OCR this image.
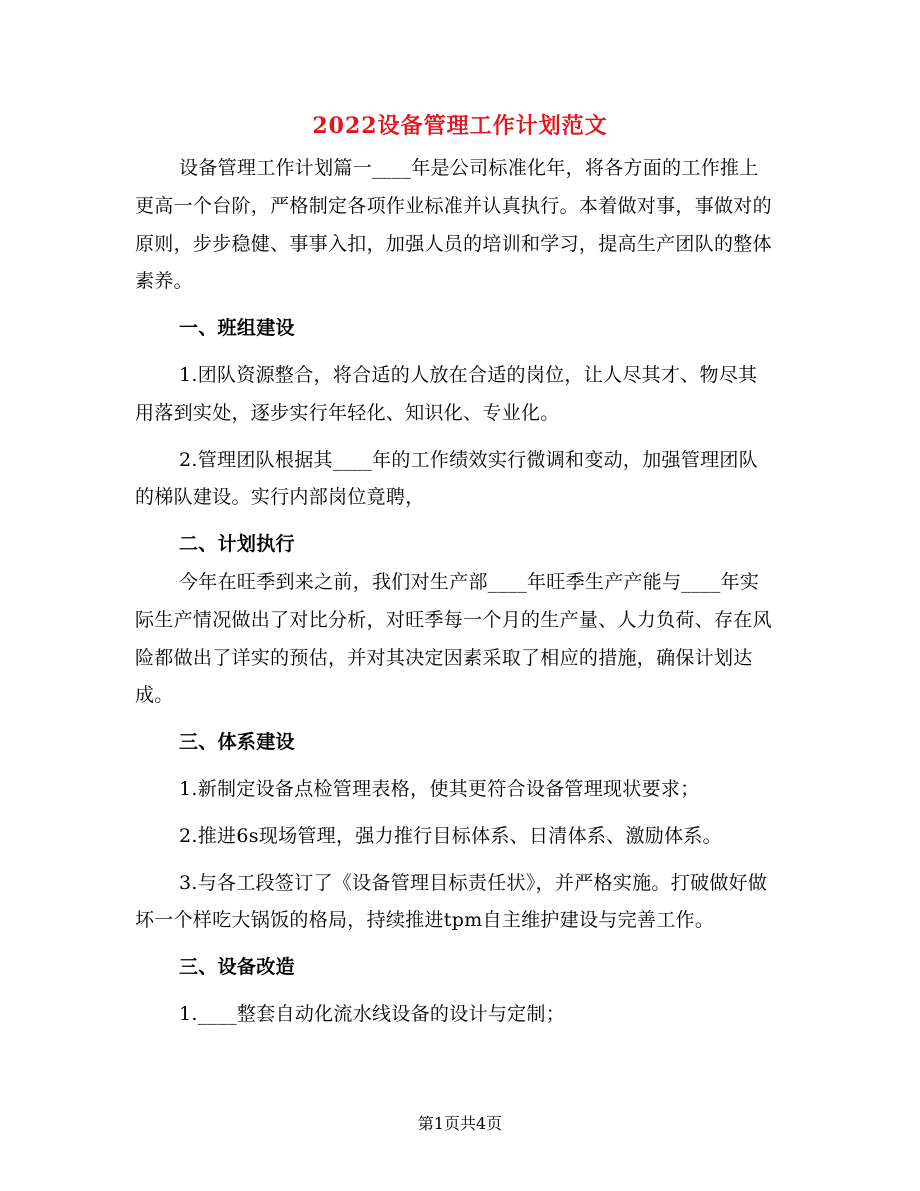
2022设备管理工作计划范文

设备管理工作计划篇一____年是公司标准化年，将各方面的工作推上更高一个台阶，严格制定各项作业标准并认真执行。本着做对事，事做对的原则，步步稳健、事事入扣，加强人员的培训和学习，提高生产团队的整体素养。

一、班组建设

1.团队资源整合，将合适的人放在合适的岗位，让人尽其才、物尽其用落到实处，逐步实行年轻化、知识化、专业化。

2.管理团队根据其____年的工作绩效实行微调和变动，加强管理团队的梯队建设。实行内部岗位竟聘，

二、计划执行

今年在旺季到来之前，我们对生产部____年旺季生产产能与____年实际生产情况做出了对比分析，对旺季每一个月的生产量、人力负荷、存在风险都做出了详实的预估，并对其决定因素采取了相应的措施，确保计划达成。

三、体系建设

1.新制定设备点检管理表格，使其更符合设备管理现状要求；

2.推进6s现场管理，强力推行目标体系、日清体系、激励体系。

3.与各工段签订了《设备管理目标责任状》，并严格实施。打破做好做坏一个样吃大锅饭的格局，持续推进tpm自主维护建设与完善工作。

三、设备改造

1.____整套自动化流水线设备的设计与定制；

第1页共4页
